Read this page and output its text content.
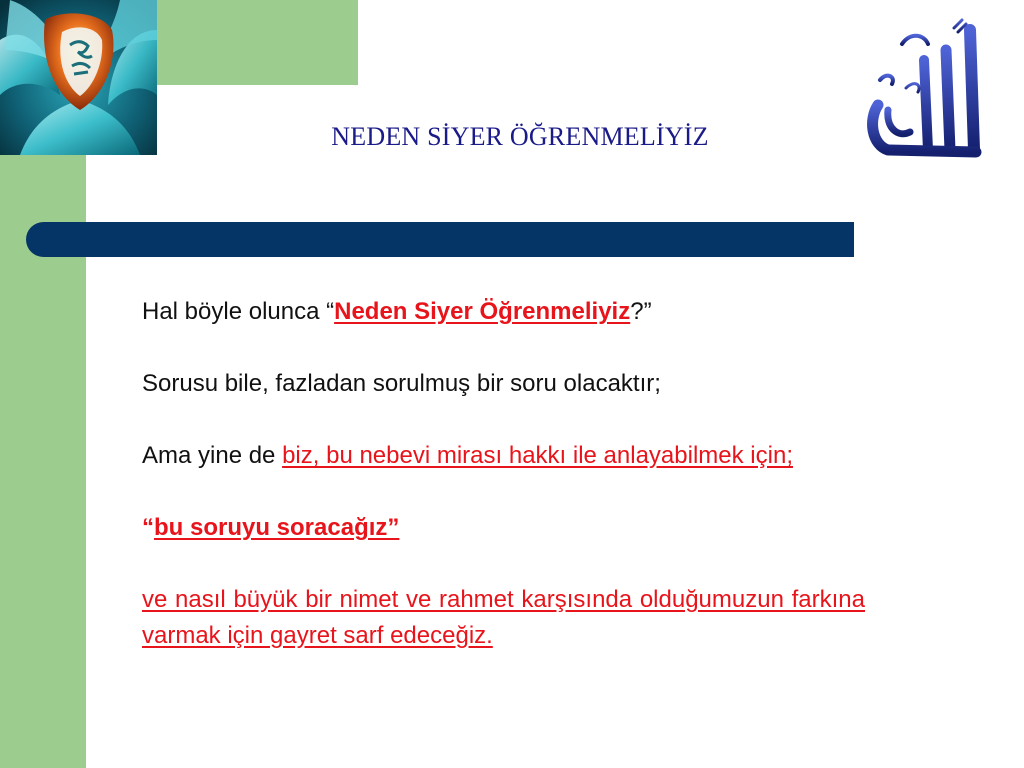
NEDEN SİYER ÖĞRENMELİYİZ

Hal böyle olunca “Neden Siyer Öğrenmeliyiz?”

Sorusu bile, fazladan sorulmuş bir soru olacaktır;

Ama yine de biz, bu nebevi mirası hakkı ile anlayabilmek için;

“bu soruyu soracağız”

ve nasıl büyük bir nimet ve rahmet karşısında olduğumuzun farkına varmak için gayret sarf edeceğiz.
